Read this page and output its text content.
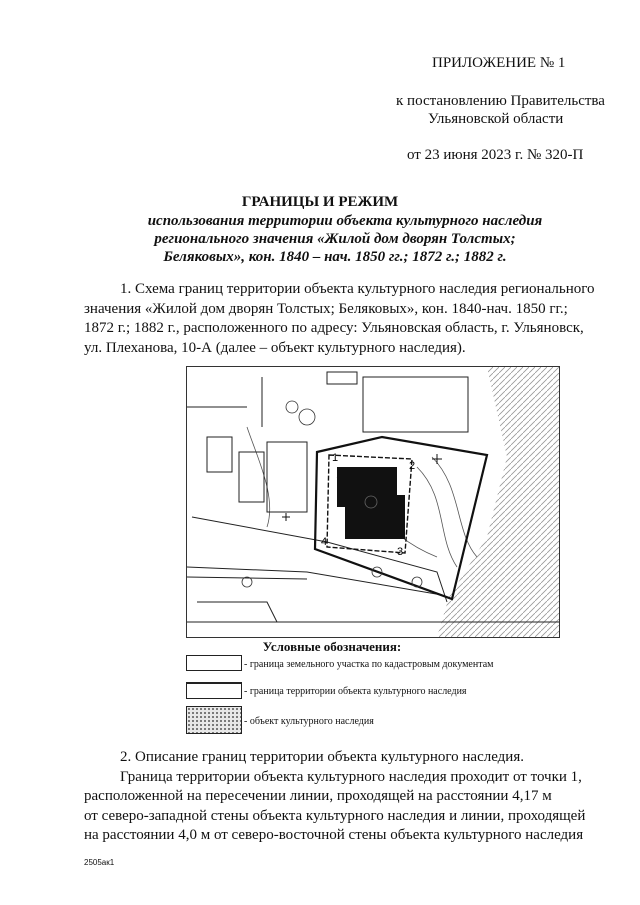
ПРИЛОЖЕНИЕ № 1
к постановлению Правительства
Ульяновской области
от 23 июня 2023 г. № 320-П
ГРАНИЦЫ И РЕЖИМ
использования территории объекта культурного наследия
регионального значения «Жилой дом дворян Толстых;
Беляковых», кон. 1840 – нач. 1850 гг.; 1872 г.; 1882 г.

1. Схема границ территории объекта культурного наследия регионального

значения «Жилой дом дворян Толстых; Беляковых», кон. 1840-нач. 1850 гг.;

1872 г.; 1882 г., расположенного по адресу: Ульяновская область, г. Ульяновск,

ул. Плеханова, 10-А (далее – объект культурного наследия).

1
2
3
4
Условные обозначения:
- граница земельного участка по кадастровым документам
- граница территории объекта культурного наследия
- объект культурного наследия

2. Описание границ территории объекта культурного наследия.

Граница территории объекта культурного наследия проходит от точки 1,

расположенной на пересечении линии, проходящей на расстоянии 4,17 м

от северо-западной стены объекта культурного наследия и линии, проходящей

на расстоянии 4,0 м от северо-восточной стены объекта культурного наследия

2505ак1
